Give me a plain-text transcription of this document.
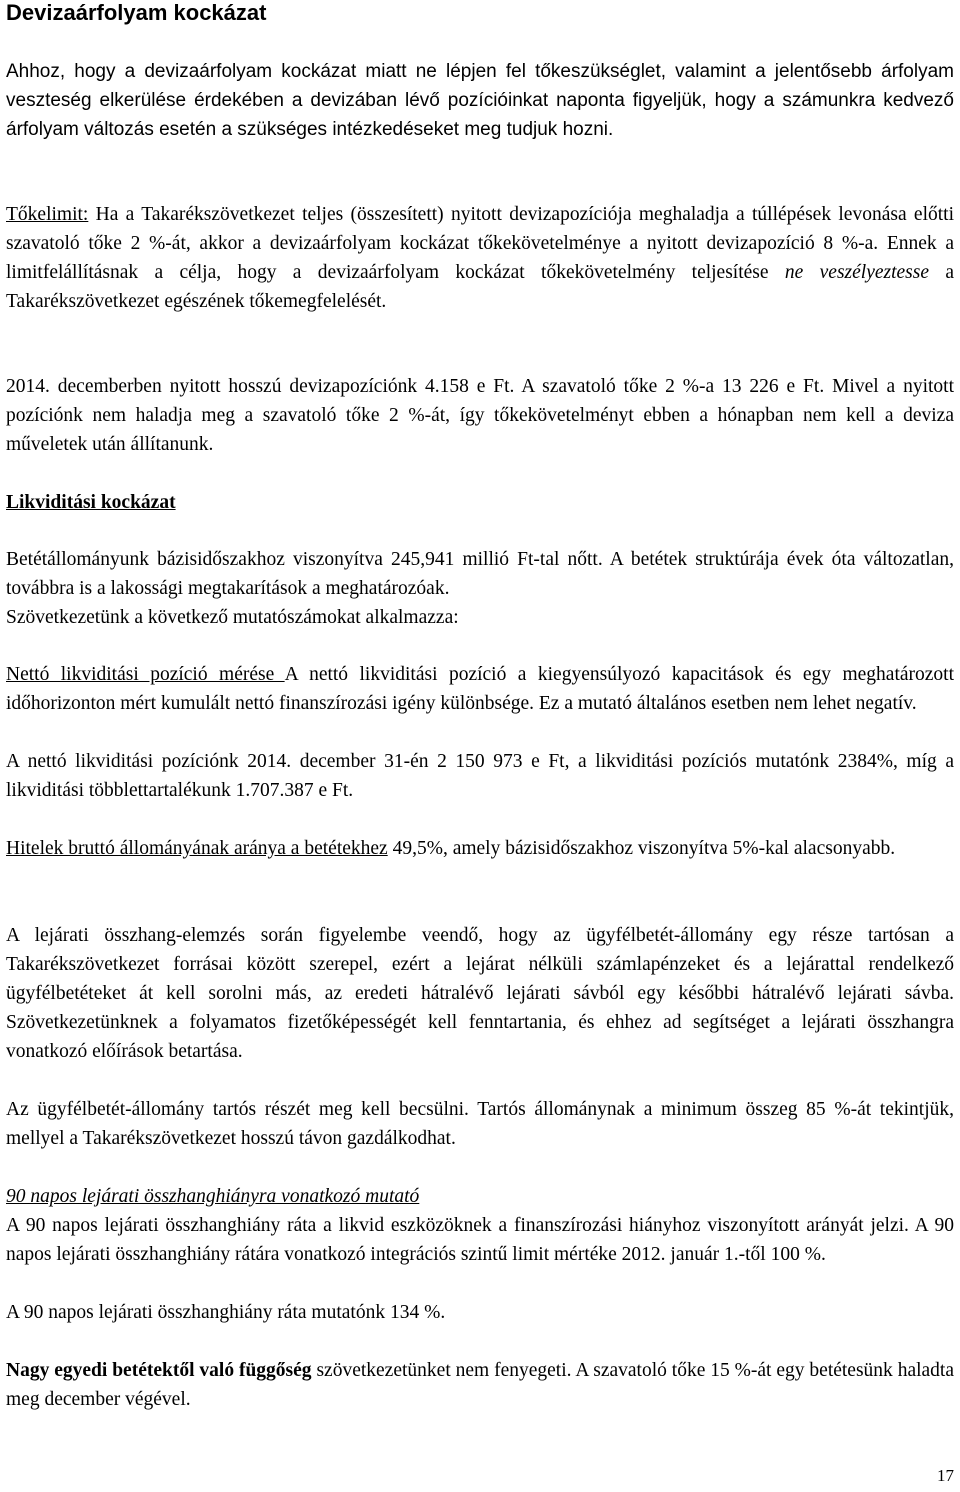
Devizaárfolyam kockázat

Ahhoz, hogy a devizaárfolyam kockázat miatt ne lépjen fel tőkeszükséglet, valamint a jelentősebb árfolyam veszteség elkerülése érdekében a devizában lévő pozícióinkat naponta figyeljük, hogy a számunkra kedvező árfolyam változás esetén a szükséges intézkedéseket meg tudjuk hozni.

Tőkelimit: Ha a Takarékszövetkezet teljes (összesített) nyitott devizapozíciója meghaladja a túllépések levonása előtti szavatoló tőke 2 %-át, akkor a devizaárfolyam kockázat tőkekövetelménye a nyitott devizapozíció 8 %-a. Ennek a limitfelállításnak a célja, hogy a devizaárfolyam kockázat tőkekövetelmény teljesítése ne veszélyeztesse a Takarékszövetkezet egészének tőkemegfelelését.

2014. decemberben nyitott hosszú devizapozíciónk 4.158 e Ft. A szavatoló tőke 2 %-a 13 226 e Ft. Mivel a nyitott pozíciónk nem haladja meg a szavatoló tőke 2 %-át, így tőkekövetelményt ebben a hónapban nem kell a deviza műveletek után állítanunk.

Likviditási kockázat

Betétállományunk bázisidőszakhoz viszonyítva 245,941 millió Ft-tal nőtt. A betétek struktúrája évek óta változatlan, továbbra is a lakossági megtakarítások a meghatározóak.

Szövetkezetünk a következő mutatószámokat alkalmazza:

Nettó likviditási pozíció mérése A nettó likviditási pozíció a kiegyensúlyozó kapacitások és egy meghatározott időhorizonton mért kumulált nettó finanszírozási igény különbsége. Ez a mutató általános esetben nem lehet negatív.

A nettó likviditási pozíciónk 2014. december 31-én 2 150 973 e Ft, a likviditási pozíciós mutatónk 2384%, míg a likviditási többlettartalékunk 1.707.387 e Ft.

Hitelek bruttó állományának aránya a betétekhez 49,5%, amely bázisidőszakhoz viszonyítva 5%-kal alacsonyabb.

A lejárati összhang-elemzés során figyelembe veendő, hogy az ügyfélbetét-állomány egy része tartósan a Takarékszövetkezet forrásai között szerepel, ezért a lejárat nélküli számlapénzeket és a lejárattal rendelkező ügyfélbetéteket át kell sorolni más, az eredeti hátralévő lejárati sávból egy későbbi hátralévő lejárati sávba. Szövetkezetünknek a folyamatos fizetőképességét kell fenntartania, és ehhez ad segítséget a lejárati összhangra vonatkozó előírások betartása.

Az ügyfélbetét-állomány tartós részét meg kell becsülni. Tartós állománynak a minimum összeg 85 %-át tekintjük, mellyel a Takarékszövetkezet hosszú távon gazdálkodhat.

90 napos lejárati összhanghiányra vonatkozó mutató

A 90 napos lejárati összhanghiány ráta a likvid eszközöknek a finanszírozási hiányhoz viszonyított arányát jelzi. A 90 napos lejárati összhanghiány rátára vonatkozó integrációs szintű limit mértéke 2012. január 1.-től 100 %.

A 90 napos lejárati összhanghiány ráta mutatónk 134 %.

Nagy egyedi betétektől való függőség szövetkezetünket nem fenyegeti. A szavatoló tőke 15 %-át egy betétesünk haladta meg december végével.

17
